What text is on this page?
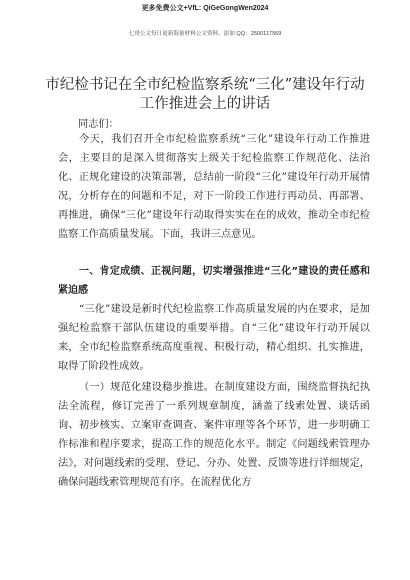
更多免费公文+VfL: QiGeGongWen2024
七哥公文每日更新海量材料公文资料，添加 QQ：2500117569
市纪检书记在全市纪检监察系统“三化”建设年行动工作推进会上的讲话
同志们：
今天，我们召开全市纪检监察系统“三化”建设年行动工作推进会，主要目的是深入贯彻落实上级关于纪检监察工作规范化、法治化、正规化建设的决策部署，总结前一阶段“三化”建设年行动开展情况，分析存在的问题和不足，对下一阶段工作进行再动员、再部署、再推进，确保“三化”建设年行动取得实实在在的成效，推动全市纪检监察工作高质量发展。下面，我讲三点意见。
一、肯定成绩、正视问题，切实增强推进“三化”建设的责任感和紧迫感
“三化”建设是新时代纪检监察工作高质量发展的内在要求，是加强纪检监察干部队伍建设的重要举措。自“三化”建设年行动开展以来，全市纪检监察系统高度重视、积极行动，精心组织、扎实推进，取得了阶段性成效。
（一）规范化建设稳步推进。在制度建设方面，围绕监督执纪执法全流程，修订完善了一系列规章制度，涵盖了线索处置、谈话函询、初步核实、立案审查调查、案件审理等各个环节，进一步明确工作标准和程序要求，提高工作的规范化水平。制定《问题线索管理办法》，对问题线索的受理、登记、分办、处置、反馈等进行详细规定，确保问题线索管理规范有序。在流程优化方
